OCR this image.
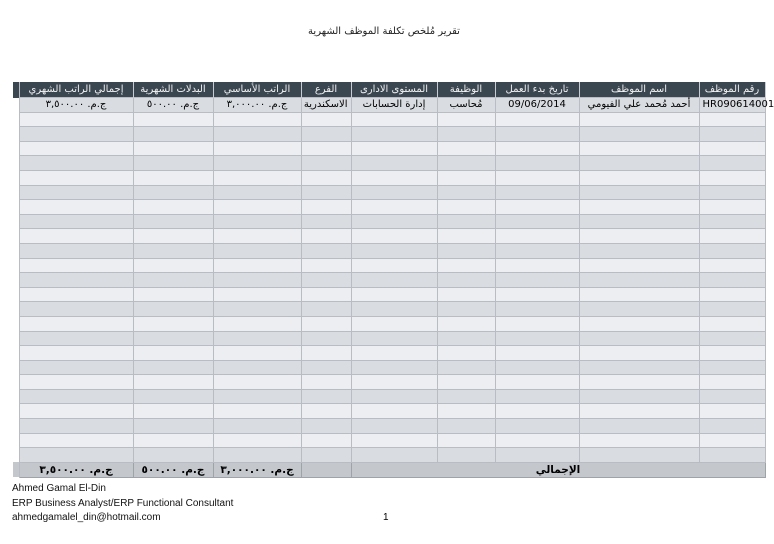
تقرير مُلخص تكلفة الموظف الشهرية
	إجمالي الراتب الشهري	البدلات الشهرية	الراتب الأساسي	الفرع	المستوى الادارى	الوظيفة	تاريخ بدء العمل	اسم الموظف	رقم الموظف
	ج.م. ٣,٥٠٠.٠٠	ج.م. ٥٠٠.٠٠	ج.م. ٣,٠٠٠.٠٠	الاسكندرية	إدارة الحسابات	مُحاسب	09/06/2014	أحمد مُحمد علي الفيومي	HR090614001

	ج.م. ٣,٥٠٠.٠٠	ج.م. ٥٠٠.٠٠	ج.م. ٣,٠٠٠.٠٠		الإجمالي				
Ahmed Gamal El-Din
ERP Business Analyst/ERP Functional Consultant
ahmedgamalel_din@hotmail.com	1
